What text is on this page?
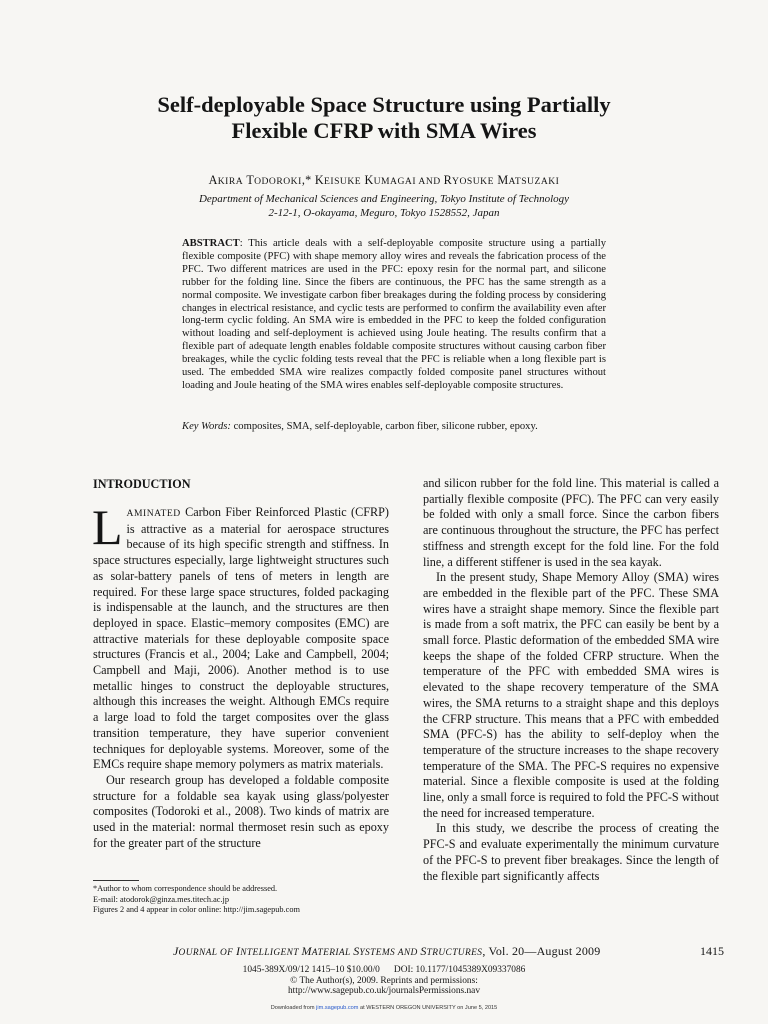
Self-deployable Space Structure using Partially
Flexible CFRP with SMA Wires
AKIRA TODOROKI,* KEISUKE KUMAGAI AND RYOSUKE MATSUZAKI
Department of Mechanical Sciences and Engineering, Tokyo Institute of Technology
2-12-1, O-okayama, Meguro, Tokyo 1528552, Japan

ABSTRACT: This article deals with a self-deployable composite structure using a partially flexible composite (PFC) with shape memory alloy wires and reveals the fabrication process of the PFC. Two different matrices are used in the PFC: epoxy resin for the normal part, and silicone rubber for the folding line. Since the fibers are continuous, the PFC has the same strength as a normal composite. We investigate carbon fiber breakages during the folding process by considering changes in electrical resistance, and cyclic tests are performed to confirm the availability even after long-term cyclic folding. An SMA wire is embedded in the PFC to keep the folded configuration without loading and self-deployment is achieved using Joule heating. The results confirm that a flexible part of adequate length enables foldable composite structures without causing carbon fiber breakages, while the cyclic folding tests reveal that the PFC is reliable when a long flexible part is used. The embedded SMA wire realizes compactly folded composite panel structures without loading and Joule heating of the SMA wires enables self-deployable composite structures.

Key Words: composites, SMA, self-deployable, carbon fiber, silicone rubber, epoxy.

INTRODUCTION

LAMINATED Carbon Fiber Reinforced Plastic (CFRP) is attractive as a material for aerospace structures because of its high specific strength and stiffness. In space structures especially, large lightweight structures such as solar-battery panels of tens of meters in length are required. For these large space structures, folded packaging is indispensable at the launch, and the structures are then deployed in space. Elastic–memory composites (EMC) are attractive materials for these deployable composite space structures (Francis et al., 2004; Lake and Campbell, 2004; Campbell and Maji, 2006). Another method is to use metallic hinges to construct the deployable structures, although this increases the weight. Although EMCs require a large load to fold the target composites over the glass transition temperature, they have superior convenient techniques for deployable systems. Moreover, some of the EMCs require shape memory polymers as matrix materials.

Our research group has developed a foldable composite structure for a foldable sea kayak using glass/polyester composites (Todoroki et al., 2008). Two kinds of matrix are used in the material: normal thermoset resin such as epoxy for the greater part of the structure

and silicon rubber for the fold line. This material is called a partially flexible composite (PFC). The PFC can very easily be folded with only a small force. Since the carbon fibers are continuous throughout the structure, the PFC has perfect stiffness and strength except for the fold line. For the fold line, a different stiffener is used in the sea kayak.

In the present study, Shape Memory Alloy (SMA) wires are embedded in the flexible part of the PFC. These SMA wires have a straight shape memory. Since the flexible part is made from a soft matrix, the PFC can easily be bent by a small force. Plastic deformation of the embedded SMA wire keeps the shape of the folded CFRP structure. When the temperature of the PFC with embedded SMA wires is elevated to the shape recovery temperature of the SMA wires, the SMA returns to a straight shape and this deploys the CFRP structure. This means that a PFC with embedded SMA (PFC-S) has the ability to self-deploy when the temperature of the structure increases to the shape recovery temperature of the SMA. The PFC-S requires no expensive material. Since a flexible composite is used at the folding line, only a small force is required to fold the PFC-S without the need for increased temperature.

In this study, we describe the process of creating the PFC-S and evaluate experimentally the minimum curvature of the PFC-S to prevent fiber breakages. Since the length of the flexible part significantly affects

*Author to whom correspondence should be addressed.

E-mail: atodorok@ginza.mes.titech.ac.jp

Figures 2 and 4 appear in color online: http://jim.sagepub.com

JOURNAL OF INTELLIGENT MATERIAL SYSTEMS AND STRUCTURES, Vol. 20—August 2009	1415

1045-389X/09/12 1415–10 $10.00/0      DOI: 10.1177/1045389X09337086

© The Author(s), 2009. Reprints and permissions:

http://www.sagepub.co.uk/journalsPermissions.nav

Downloaded from jim.sagepub.com at WESTERN OREGON UNIVERSITY on June 5, 2015
